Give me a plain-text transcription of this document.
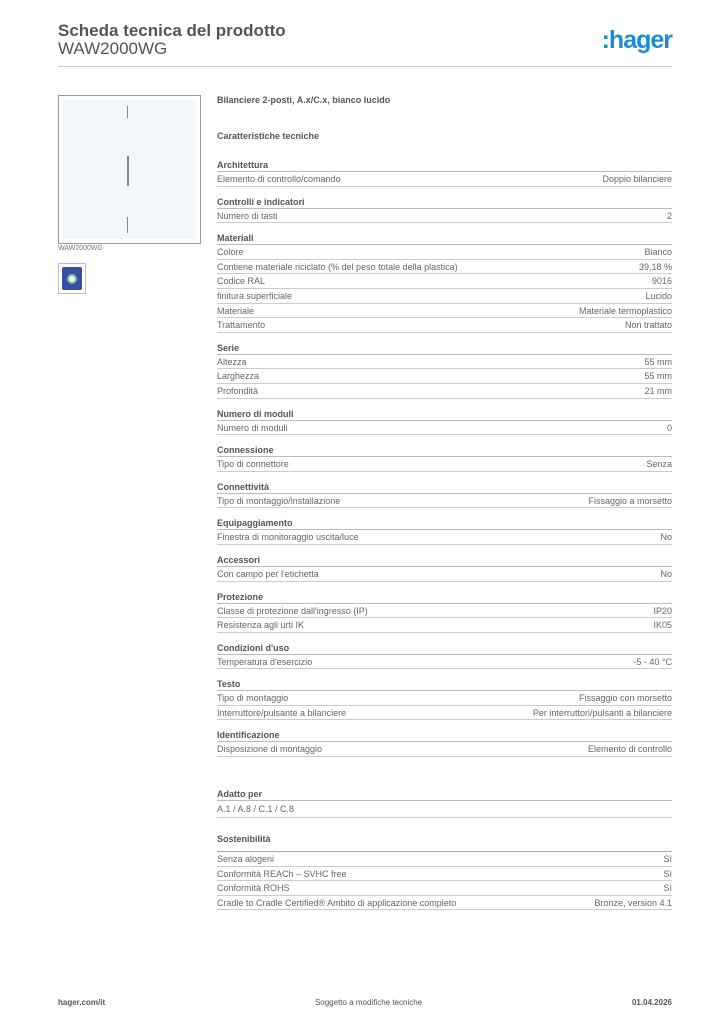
Scheda tecnica del prodotto
WAW2000WG	:hager
WAW2000WG
Bilanciere 2-posti, A.x/C.x, bianco lucido
Caratteristiche tecniche
Architettura
Elemento di controllo/comando	Doppio bilanciere
Controlli e indicatori
Numero di tasti	2
Materiali
Colore	Bianco
Contiene materiale riciclato (% del peso totale della plastica)	39,18 %
Codice RAL	9016
finitura superficiale	Lucido
Materiale	Materiale termoplastico
Trattamento	Non trattato
Serie
Altezza	55 mm
Larghezza	55 mm
Profondità	21 mm
Numero di moduli
Numero di moduli	0
Connessione
Tipo di connettore	Senza
Connettività
Tipo di montaggio/installazione	Fissaggio a morsetto
Equipaggiamento
Finestra di monitoraggio uscita/luce	No
Accessori
Con campo per l'etichetta	No
Protezione
Classe di protezione dall'ingresso (IP)	IP20
Resistenza agli urti IK	IK05
Condizioni d'uso
Temperatura d'esercizio	-5 - 40 °C
Testo
Tipo di montaggio	Fissaggio con morsetto
Interruttore/pulsante a bilanciere	Per interruttori/pulsanti a bilanciere
Identificazione
Disposizione di montaggio	Elemento di controllo
Adatto per
A.1 / A.8 / C.1 / C.8
Sostenibilità
Senza alogeni	Sì
Conformità REACh – SVHC free	Sì
Conformità ROHS	Sì
Cradle to Cradle Certified® Ambito di applicazione completo	Bronze, version 4.1
hager.com/it	Soggetto a modifiche tecniche	01.04.2026
